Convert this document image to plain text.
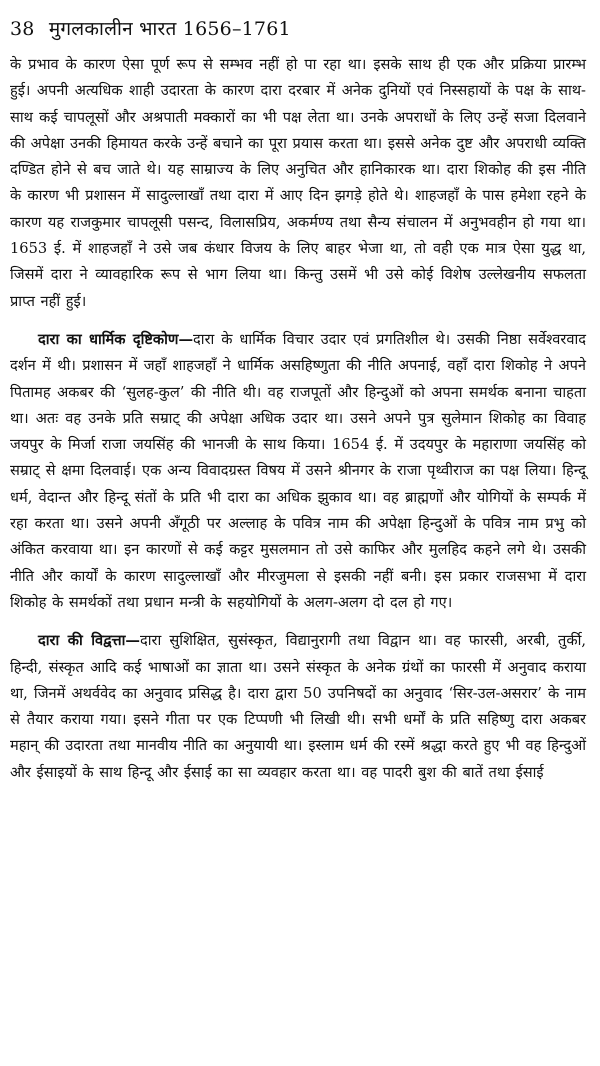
38 मुगलकालीन भारत 1656–1761

के प्रभाव के कारण ऐसा पूर्ण रूप से सम्भव नहीं हो पा रहा था। इसके साथ ही एक और प्रक्रिया प्रारम्भ हुई। अपनी अत्यधिक शाही उदारता के कारण दारा दरबार में अनेक दुनियों एवं निस्सहायों के पक्ष के साथ-साथ कई चापलूसों और अश्रपाती मक्कारों का भी पक्ष लेता था। उनके अपराधों के लिए उन्हें सजा दिलवाने की अपेक्षा उनकी हिमायत करके उन्हें बचाने का पूरा प्रयास करता था। इससे अनेक दुष्ट और अपराधी व्यक्ति दण्डित होने से बच जाते थे। यह साम्राज्य के लिए अनुचित और हानिकारक था। दारा शिकोह की इस नीति के कारण भी प्रशासन में सादुल्लाखाँ तथा दारा में आए दिन झगड़े होते थे। शाहजहाँ के पास हमेशा रहने के कारण यह राजकुमार चापलूसी पसन्द, विलासप्रिय, अकर्मण्य तथा सैन्य संचालन में अनुभवहीन हो गया था। 1653 ई. में शाहजहाँ ने उसे जब कंधार विजय के लिए बाहर भेजा था, तो वही एक मात्र ऐसा युद्ध था, जिसमें दारा ने व्यावहारिक रूप से भाग लिया था। किन्तु उसमें भी उसे कोई विशेष उल्लेखनीय सफलता प्राप्त नहीं हुई।

दारा का धार्मिक दृष्टिकोण—दारा के धार्मिक विचार उदार एवं प्रगतिशील थे। उसकी निष्ठा सर्वेश्वरवाद दर्शन में थी। प्रशासन में जहाँ शाहजहाँ ने धार्मिक असहिष्णुता की नीति अपनाई, वहाँ दारा शिकोह ने अपने पितामह अकबर की ‘सुलह-कुल’ की नीति थी। वह राजपूतों और हिन्दुओं को अपना समर्थक बनाना चाहता था। अतः वह उनके प्रति सम्राट् की अपेक्षा अधिक उदार था। उसने अपने पुत्र सुलेमान शिकोह का विवाह जयपुर के मिर्जा राजा जयसिंह की भानजी के साथ किया। 1654 ई. में उदयपुर के महाराणा जयसिंह को सम्राट् से क्षमा दिलवाई। एक अन्य विवादग्रस्त विषय में उसने श्रीनगर के राजा पृथ्वीराज का पक्ष लिया। हिन्दू धर्म, वेदान्त और हिन्दू संतों के प्रति भी दारा का अधिक झुकाव था। वह ब्राह्मणों और योगियों के सम्पर्क में रहा करता था। उसने अपनी अँगूठी पर अल्लाह के पवित्र नाम की अपेक्षा हिन्दुओं के पवित्र नाम प्रभु को अंकित करवाया था। इन कारणों से कई कट्टर मुसलमान तो उसे काफिर और मुलहिद कहने लगे थे। उसकी नीति और कार्यों के कारण सादुल्लाखाँ और मीरजुमला से इसकी नहीं बनी। इस प्रकार राजसभा में दारा शिकोह के समर्थकों तथा प्रधान मन्त्री के सहयोगियों के अलग-अलग दो दल हो गए।

दारा की विद्वत्ता—दारा सुशिक्षित, सुसंस्कृत, विद्यानुरागी तथा विद्वान था। वह फारसी, अरबी, तुर्की, हिन्दी, संस्कृत आदि कई भाषाओं का ज्ञाता था। उसने संस्कृत के अनेक ग्रंथों का फारसी में अनुवाद कराया था, जिनमें अथर्ववेद का अनुवाद प्रसिद्ध है। दारा द्वारा 50 उपनिषदों का अनुवाद ‘सिर-उल-असरार’ के नाम से तैयार कराया गया। इसने गीता पर एक टिप्पणी भी लिखी थी। सभी धर्मों के प्रति सहिष्णु दारा अकबर महान् की उदारता तथा मानवीय नीति का अनुयायी था। इस्लाम धर्म की रस्में श्रद्धा करते हुए भी वह हिन्दुओं और ईसाइयों के साथ हिन्दू और ईसाई का सा व्यवहार करता था। वह पादरी बुश की बातें तथा ईसाई
